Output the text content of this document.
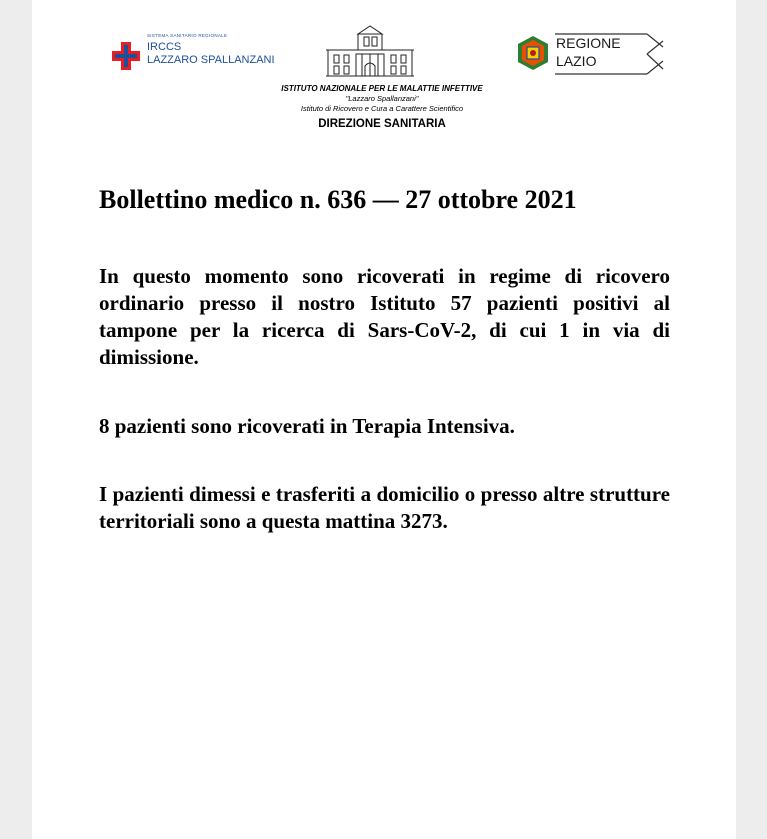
SISTEMA SANITARIO REGIONALE
IRCCS
LAZZARO SPALLANZANI
ISTITUTO NAZIONALE PER LE MALATTIE INFETTIVE
"Lazzaro Spallanzani"
Istituto di Ricovero e Cura a Carattere Scientifico
DIREZIONE SANITARIA
REGIONE
LAZIO
Bollettino medico n. 636 — 27 ottobre 2021
In questo momento sono ricoverati in regime di ricovero ordinario presso il nostro Istituto 57 pazienti positivi al tampone per la ricerca di Sars-CoV-2, di cui 1 in via di dimissione.
8 pazienti sono ricoverati in Terapia Intensiva.
I pazienti dimessi e trasferiti a domicilio o presso altre strutture territoriali sono a questa mattina 3273.
